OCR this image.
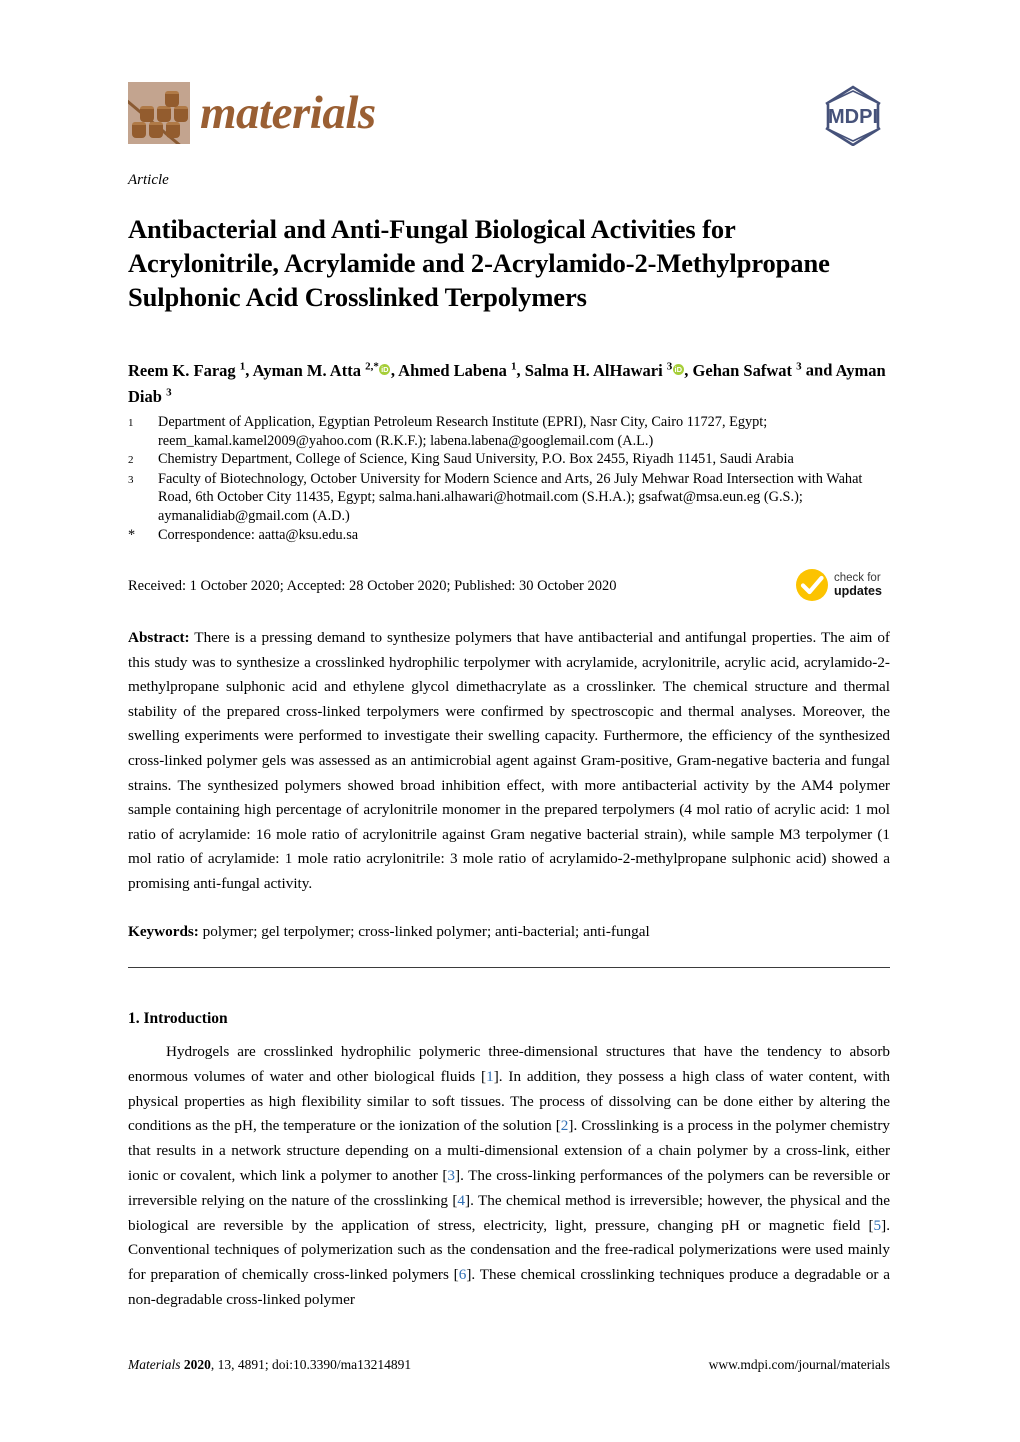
materials	MDPI
Article
Antibacterial and Anti-Fungal Biological Activities for Acrylonitrile, Acrylamide and 2-Acrylamido-2-Methylpropane Sulphonic Acid Crosslinked Terpolymers
Reem K. Farag $^1$, Ayman M. Atta $^{2,*}$ iD , Ahmed Labena $^1$, Salma H. AlHawari $^3$ iD , Gehan Safwat $^3$ and Ayman Diab $^3$
1	Department of Application, Egyptian Petroleum Research Institute (EPRI), Nasr City, Cairo 11727, Egypt; reem_kamal.kamel2009@yahoo.com (R.K.F.); labena.labena@googlemail.com (A.L.)
2	Chemistry Department, College of Science, King Saud University, P.O. Box 2455, Riyadh 11451, Saudi Arabia
3	Faculty of Biotechnology, October University for Modern Science and Arts, 26 July Mehwar Road Intersection with Wahat Road, 6th October City 11435, Egypt; salma.hani.alhawari@hotmail.com (S.H.A.); gsafwat@msa.eun.eg (G.S.); aymanalidiab@gmail.com (A.D.)
*	Correspondence: aatta@ksu.edu.sa
Received: 1 October 2020; Accepted: 28 October 2020; Published: 30 October 2020	check for
updates
Abstract: There is a pressing demand to synthesize polymers that have antibacterial and antifungal properties. The aim of this study was to synthesize a crosslinked hydrophilic terpolymer with acrylamide, acrylonitrile, acrylic acid, acrylamido-2-methylpropane sulphonic acid and ethylene glycol dimethacrylate as a crosslinker. The chemical structure and thermal stability of the prepared cross-linked terpolymers were confirmed by spectroscopic and thermal analyses. Moreover, the swelling experiments were performed to investigate their swelling capacity. Furthermore, the efficiency of the synthesized cross-linked polymer gels was assessed as an antimicrobial agent against Gram-positive, Gram-negative bacteria and fungal strains. The synthesized polymers showed broad inhibition effect, with more antibacterial activity by the AM4 polymer sample containing high percentage of acrylonitrile monomer in the prepared terpolymers (4 mol ratio of acrylic acid: 1 mol ratio of acrylamide: 16 mole ratio of acrylonitrile against Gram negative bacterial strain), while sample M3 terpolymer (1 mol ratio of acrylamide: 1 mole ratio acrylonitrile: 3 mole ratio of acrylamido-2-methylpropane sulphonic acid) showed a promising anti-fungal activity.
Keywords: polymer; gel terpolymer; cross-linked polymer; anti-bacterial; anti-fungal
1. Introduction
Hydrogels are crosslinked hydrophilic polymeric three-dimensional structures that have the tendency to absorb enormous volumes of water and other biological fluids [1]. In addition, they possess a high class of water content, with physical properties as high flexibility similar to soft tissues. The process of dissolving can be done either by altering the conditions as the pH, the temperature or the ionization of the solution [2]. Crosslinking is a process in the polymer chemistry that results in a network structure depending on a multi-dimensional extension of a chain polymer by a cross-link, either ionic or covalent, which link a polymer to another [3]. The cross-linking performances of the polymers can be reversible or irreversible relying on the nature of the crosslinking [4]. The chemical method is irreversible; however, the physical and the biological are reversible by the application of stress, electricity, light, pressure, changing pH or magnetic field [5]. Conventional techniques of polymerization such as the condensation and the free-radical polymerizations were used mainly for preparation of chemically cross-linked polymers [6]. These chemical crosslinking techniques produce a degradable or a non-degradable cross-linked polymer
Materials 2020, 13, 4891; doi:10.3390/ma13214891	www.mdpi.com/journal/materials
